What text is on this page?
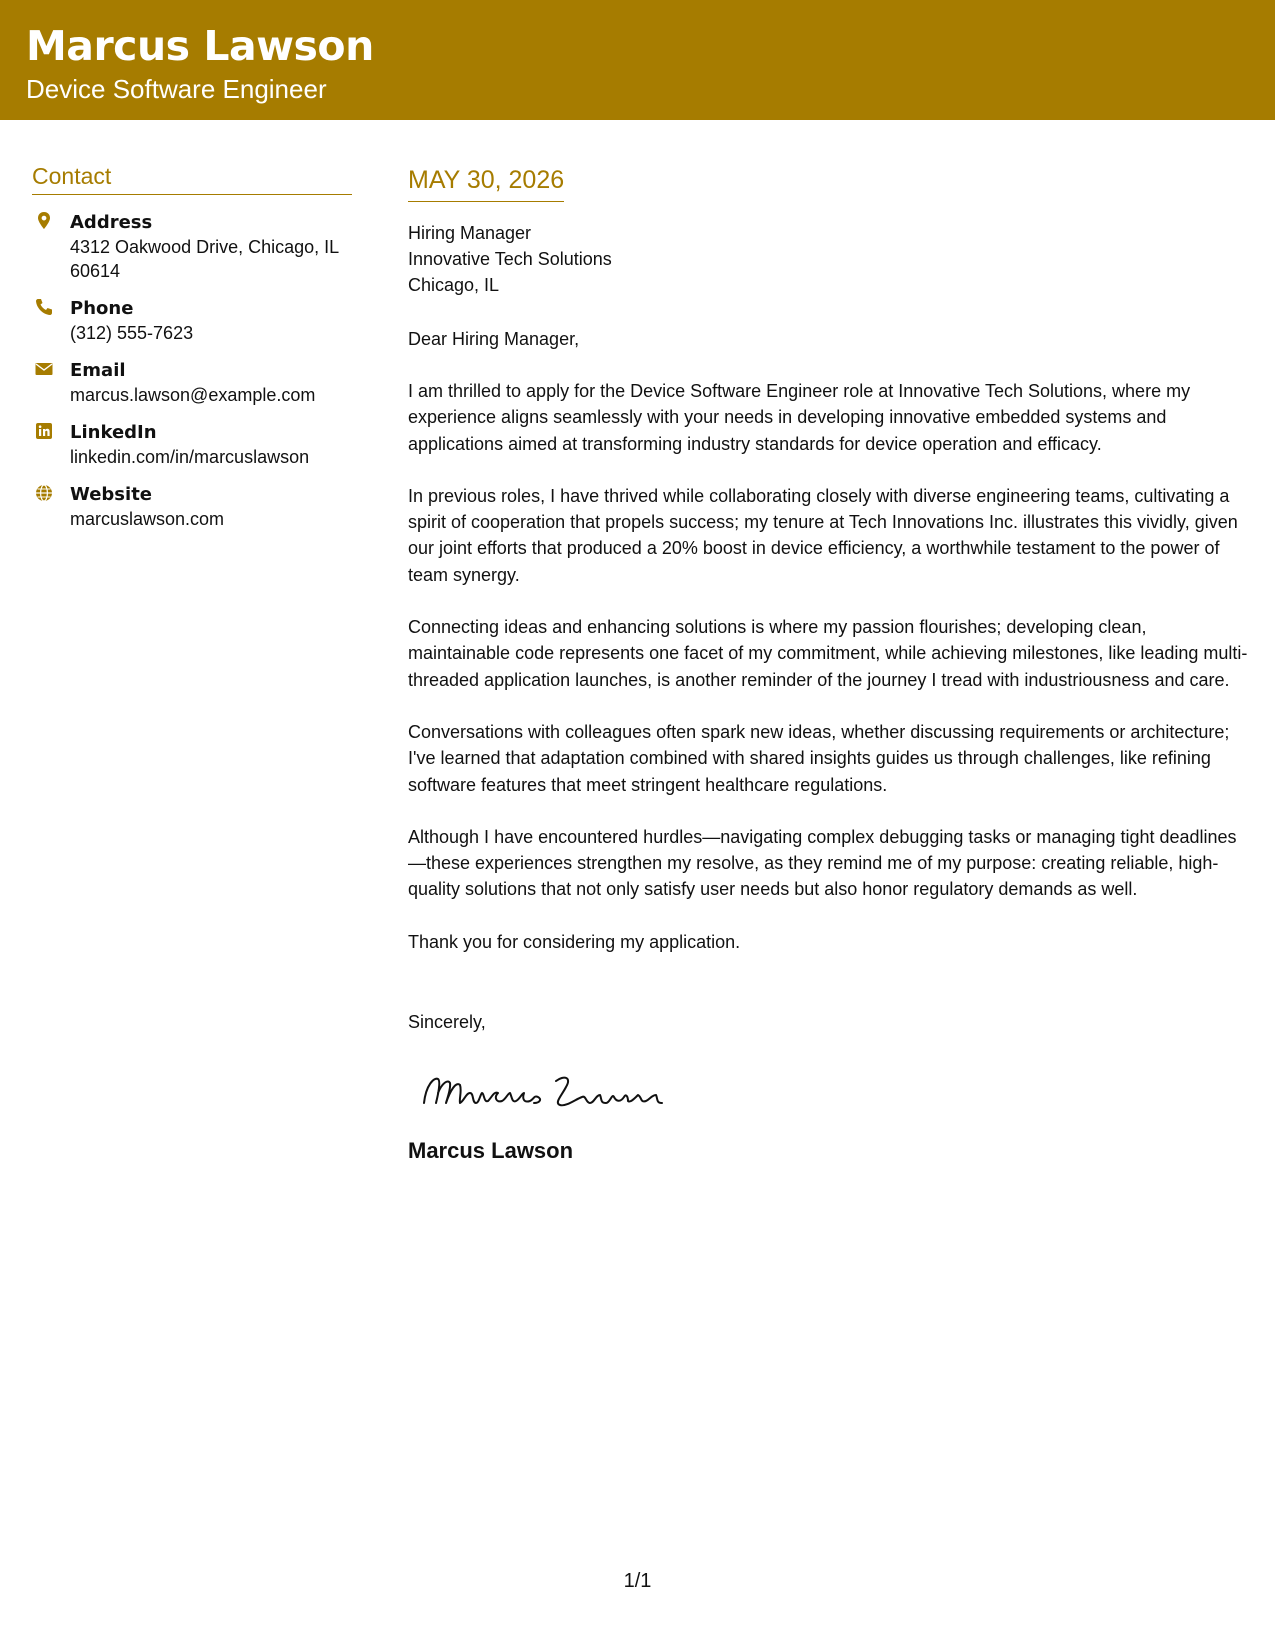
Marcus Lawson
Device Software Engineer
Contact
Address
4312 Oakwood Drive, Chicago, IL 60614
Phone
(312) 555-7623
Email
marcus.lawson@example.com
LinkedIn
linkedin.com/in/marcuslawson
Website
marcuslawson.com
MAY 30, 2026
Hiring Manager
Innovative Tech Solutions
Chicago, IL
Dear Hiring Manager,
I am thrilled to apply for the Device Software Engineer role at Innovative Tech Solutions, where my experience aligns seamlessly with your needs in developing innovative embedded systems and applications aimed at transforming industry standards for device operation and efficacy.
In previous roles, I have thrived while collaborating closely with diverse engineering teams, cultivating a spirit of cooperation that propels success; my tenure at Tech Innovations Inc. illustrates this vividly, given our joint efforts that produced a 20% boost in device efficiency, a worthwhile testament to the power of team synergy.
Connecting ideas and enhancing solutions is where my passion flourishes; developing clean, maintainable code represents one facet of my commitment, while achieving milestones, like leading multi-threaded application launches, is another reminder of the journey I tread with industriousness and care.
Conversations with colleagues often spark new ideas, whether discussing requirements or architecture; I've learned that adaptation combined with shared insights guides us through challenges, like refining software features that meet stringent healthcare regulations.
Although I have encountered hurdles—navigating complex debugging tasks or managing tight deadlines—these experiences strengthen my resolve, as they remind me of my purpose: creating reliable, high-quality solutions that not only satisfy user needs but also honor regulatory demands as well.
Thank you for considering my application.
Sincerely,
Marcus Lawson
1/1
